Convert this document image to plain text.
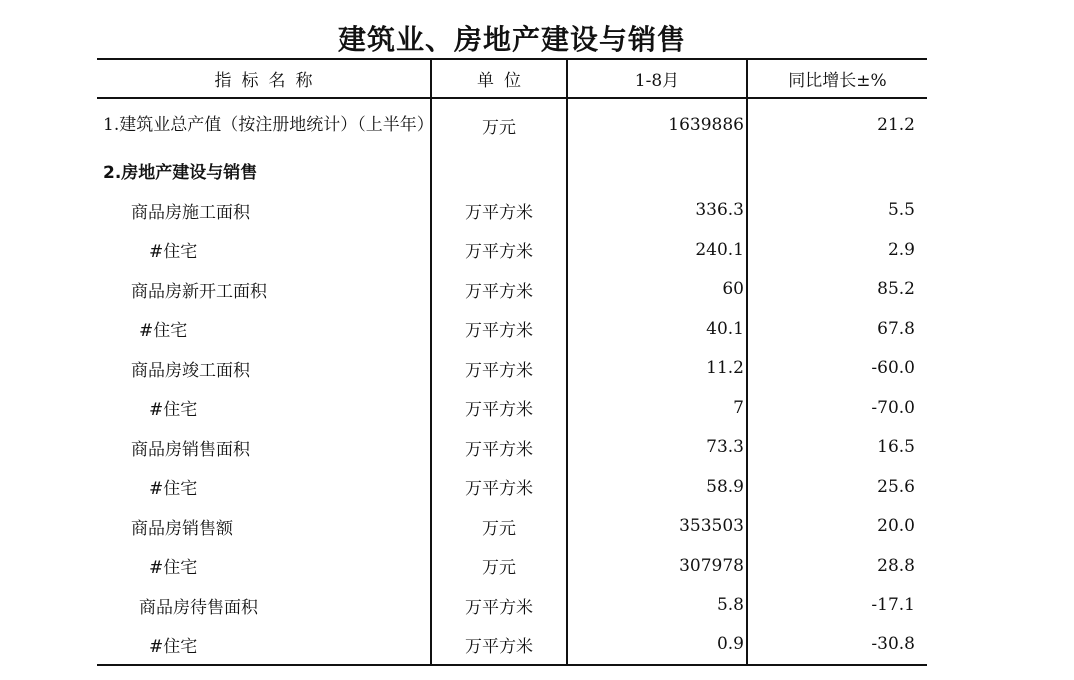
建筑业、房地产建设与销售
指标名称	单位	1-8月	同比增长±%

1.建筑业总产值（按注册地统计）（上半年）	万元	1639886	21.2
2.房地产建设与销售			
商品房施工面积	万平方米	336.3	5.5
#住宅	万平方米	240.1	2.9
商品房新开工面积	万平方米	60	85.2
#住宅	万平方米	40.1	67.8
商品房竣工面积	万平方米	11.2	-60.0
#住宅	万平方米	7	-70.0
商品房销售面积	万平方米	73.3	16.5
#住宅	万平方米	58.9	25.6
商品房销售额	万元	353503	20.0
#住宅	万元	307978	28.8
商品房待售面积	万平方米	5.8	-17.1
#住宅	万平方米	0.9	-30.8
